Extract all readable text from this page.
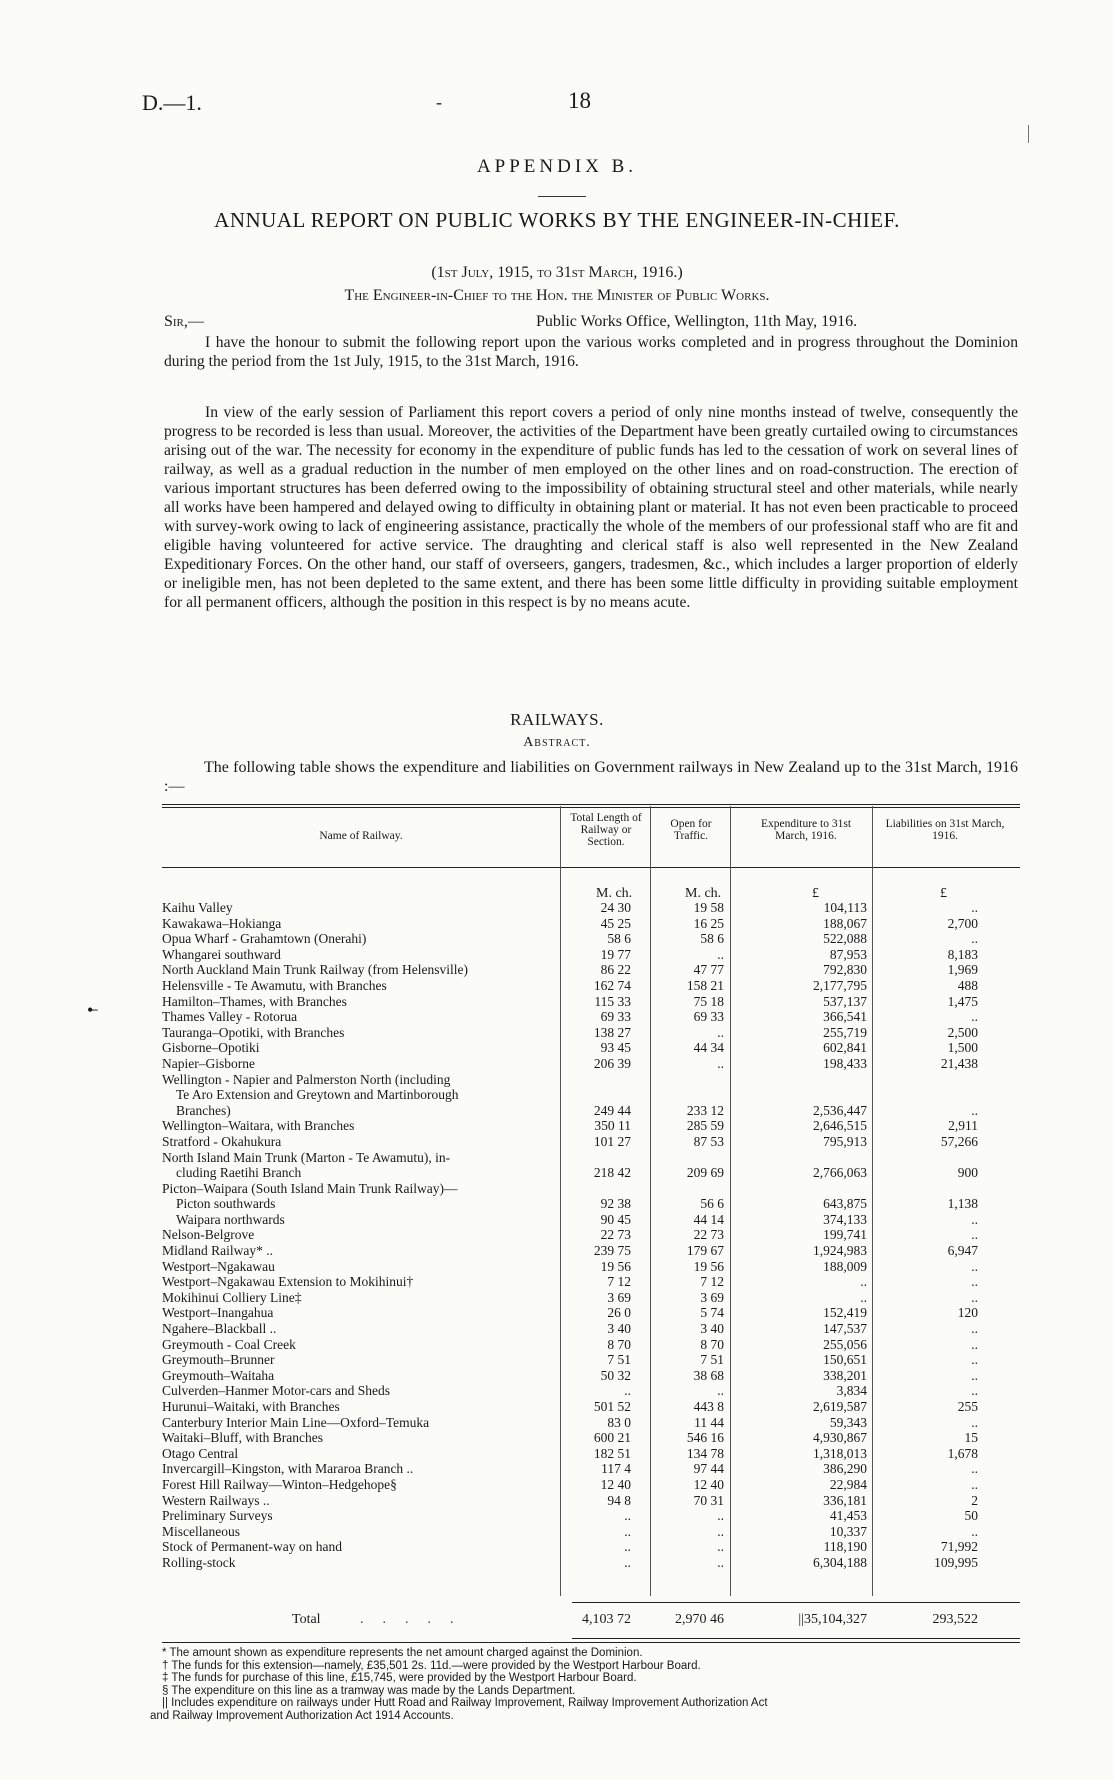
D.—1.	-	18
APPENDIX B.
ANNUAL REPORT ON PUBLIC WORKS BY THE ENGINEER-IN-CHIEF.
(1st July, 1915, to 31st March, 1916.)
The Engineer-in-Chief to the Hon. the Minister of Public Works.
Sir,—	Public Works Office, Wellington, 11th May, 1916.

I have the honour to submit the following report upon the various works completed and in progress throughout the Dominion during the period from the 1st July, 1915, to the 31st March, 1916.

In view of the early session of Parliament this report covers a period of only nine months instead of twelve, consequently the progress to be recorded is less than usual. Moreover, the activities of the Department have been greatly curtailed owing to circumstances arising out of the war. The necessity for economy in the expenditure of public funds has led to the cessation of work on several lines of railway, as well as a gradual reduction in the number of men employed on the other lines and on road-construction. The erection of various important structures has been deferred owing to the impossibility of obtaining structural steel and other materials, while nearly all works have been hampered and delayed owing to difficulty in obtaining plant or material. It has not even been practicable to proceed with survey-work owing to lack of engineering assistance, practically the whole of the members of our professional staff who are fit and eligible having volunteered for active service. The draughting and clerical staff is also well represented in the New Zealand Expeditionary Forces. On the other hand, our staff of overseers, gangers, tradesmen, &c., which includes a larger proportion of elderly or ineligible men, has not been depleted to the same extent, and there has been some little difficulty in providing suitable employment for all permanent officers, although the position in this respect is by no means acute.

RAILWAYS.
Abstract.

The following table shows the expenditure and liabilities on Government railways in New Zealand up to the 31st March, 1916 :—

•̶
Name of Railway.
Total Length of Railway or Section.
Open for Traffic.
Expenditure to 31st March, 1916.
Liabilities on 31st March, 1916.
M. ch.	M. ch.	£	£
Kaihu Valley	24 30	19 58	104,113	..
Kawakawa–Hokianga	45 25	16 25	188,067	2,700
Opua Wharf - Grahamtown (Onerahi)	58 6	58 6	522,088	..
Whangarei southward	19 77	..	87,953	8,183
North Auckland Main Trunk Railway (from Helensville)	86 22	47 77	792,830	1,969
Helensville - Te Awamutu, with Branches	162 74	158 21	2,177,795	488
Hamilton–Thames, with Branches	115 33	75 18	537,137	1,475
Thames Valley - Rotorua	69 33	69 33	366,541	..
Tauranga–Opotiki, with Branches	138 27	..	255,719	2,500
Gisborne–Opotiki	93 45	44 34	602,841	1,500
Napier–Gisborne	206 39	..	198,433	21,438
Wellington - Napier and Palmerston North (including
Te Aro Extension and Greytown and Martinborough
Branches)	249 44	233 12	2,536,447	..
Wellington–Waitara, with Branches	350 11	285 59	2,646,515	2,911
Stratford - Okahukura	101 27	87 53	795,913	57,266
North Island Main Trunk (Marton - Te Awamutu), in-
cluding Raetihi Branch	218 42	209 69	2,766,063	900
Picton–Waipara (South Island Main Trunk Railway)—
Picton southwards	92 38	56 6	643,875	1,138
Waipara northwards	90 45	44 14	374,133	..
Nelson-Belgrove	22 73	22 73	199,741	..
Midland Railway* ..	239 75	179 67	1,924,983	6,947
Westport–Ngakawau	19 56	19 56	188,009	..
Westport–Ngakawau Extension to Mokihinui†	7 12	7 12	..	..
Mokihinui Colliery Line‡	3 69	3 69	..	..
Westport–Inangahua	26 0	5 74	152,419	120
Ngahere–Blackball ..	3 40	3 40	147,537	..
Greymouth - Coal Creek	8 70	8 70	255,056	..
Greymouth–Brunner	7 51	7 51	150,651	..
Greymouth–Waitaha	50 32	38 68	338,201	..
Culverden–Hanmer Motor-cars and Sheds	..	..	3,834	..
Hurunui–Waitaki, with Branches	501 52	443 8	2,619,587	255
Canterbury Interior Main Line—Oxford–Temuka	83 0	11 44	59,343	..
Waitaki–Bluff, with Branches	600 21	546 16	4,930,867	15
Otago Central	182 51	134 78	1,318,013	1,678
Invercargill–Kingston, with Mararoa Branch ..	117 4	97 44	386,290	..
Forest Hill Railway—Winton–Hedgehope§	12 40	12 40	22,984	..
Western Railways ..	94 8	70 31	336,181	2
Preliminary Surveys	..	..	41,453	50
Miscellaneous	..	..	10,337	..
Stock of Permanent-way on hand	..	..	118,190	71,992
Rolling-stock	..	..	6,304,188	109,995
Total	.....	4,103 72	2,970 46	||35,104,327	293,522
* The amount shown as expenditure represents the net amount charged against the Dominion.
† The funds for this extension—namely, £35,501 2s. 11d.—were provided by the Westport Harbour Board.
‡ The funds for purchase of this line, £15,745, were provided by the Westport Harbour Board.
§ The expenditure on this line as a tramway was made by the Lands Department.
|| Includes expenditure on railways under Hutt Road and Railway Improvement, Railway Improvement Authorization Act
and Railway Improvement Authorization Act 1914 Accounts.
